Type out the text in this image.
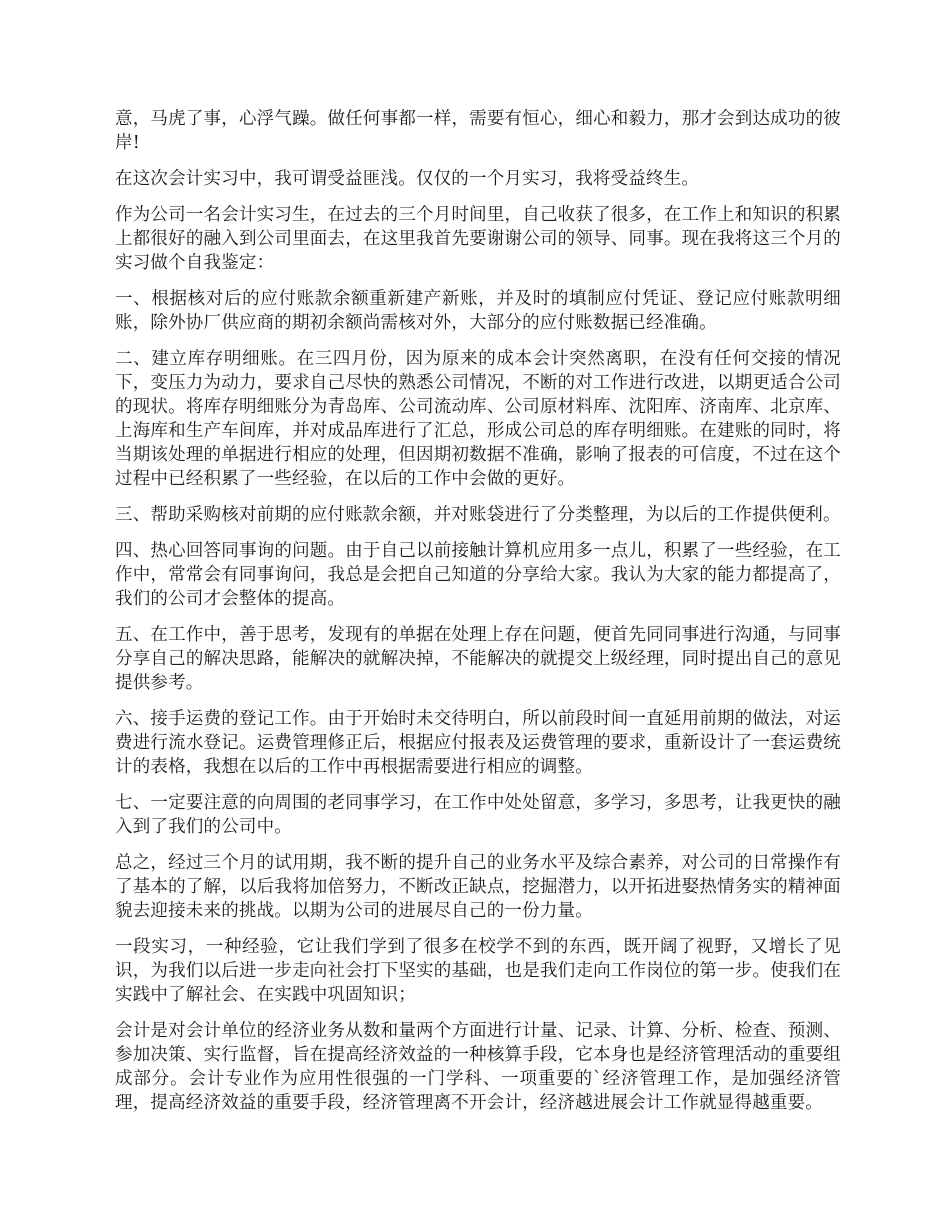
意，马虎了事，心浮气躁。做任何事都一样，需要有恒心，细心和毅力，那才会到达成功的彼岸!

在这次会计实习中，我可谓受益匪浅。仅仅的一个月实习，我将受益终生。

作为公司一名会计实习生，在过去的三个月时间里，自己收获了很多，在工作上和知识的积累上都很好的融入到公司里面去，在这里我首先要谢谢公司的领导、同事。现在我将这三个月的实习做个自我鉴定：

一、根据核对后的应付账款余额重新建产新账，并及时的填制应付凭证、登记应付账款明细账，除外协厂供应商的期初余额尚需核对外，大部分的应付账数据已经准确。

二、建立库存明细账。在三四月份，因为原来的成本会计突然离职，在没有任何交接的情况下，变压力为动力，要求自己尽快的熟悉公司情况，不断的对工作进行改进，以期更适合公司的现状。将库存明细账分为青岛库、公司流动库、公司原材料库、沈阳库、济南库、北京库、上海库和生产车间库，并对成品库进行了汇总，形成公司总的库存明细账。在建账的同时，将当期该处理的单据进行相应的处理，但因期初数据不准确，影响了报表的可信度，不过在这个过程中已经积累了一些经验，在以后的工作中会做的更好。

三、帮助采购核对前期的应付账款余额，并对账袋进行了分类整理，为以后的工作提供便利。

四、热心回答同事询的问题。由于自己以前接触计算机应用多一点儿，积累了一些经验，在工作中，常常会有同事询问，我总是会把自己知道的分享给大家。我认为大家的能力都提高了，我们的公司才会整体的提高。

五、在工作中，善于思考，发现有的单据在处理上存在问题，便首先同同事进行沟通，与同事分享自己的解决思路，能解决的就解决掉，不能解决的就提交上级经理，同时提出自己的意见提供参考。

六、接手运费的登记工作。由于开始时未交待明白，所以前段时间一直延用前期的做法，对运费进行流水登记。运费管理修正后，根据应付报表及运费管理的要求，重新设计了一套运费统计的表格，我想在以后的工作中再根据需要进行相应的调整。

七、一定要注意的向周围的老同事学习，在工作中处处留意，多学习，多思考，让我更快的融入到了我们的公司中。

总之，经过三个月的试用期，我不断的提升自己的业务水平及综合素养，对公司的日常操作有了基本的了解，以后我将加倍努力，不断改正缺点，挖掘潜力，以开拓进娶热情务实的精神面貌去迎接未来的挑战。以期为公司的进展尽自己的一份力量。

一段实习，一种经验，它让我们学到了很多在校学不到的东西，既开阔了视野，又增长了见识，为我们以后进一步走向社会打下坚实的基础，也是我们走向工作岗位的第一步。使我们在实践中了解社会、在实践中巩固知识；

会计是对会计单位的经济业务从数和量两个方面进行计量、记录、计算、分析、检查、预测、参加决策、实行监督，旨在提高经济效益的一种核算手段，它本身也是经济管理活动的重要组成部分。会计专业作为应用性很强的一门学科、一项重要的`经济管理工作，是加强经济管理，提高经济效益的重要手段，经济管理离不开会计，经济越进展会计工作就显得越重要。
